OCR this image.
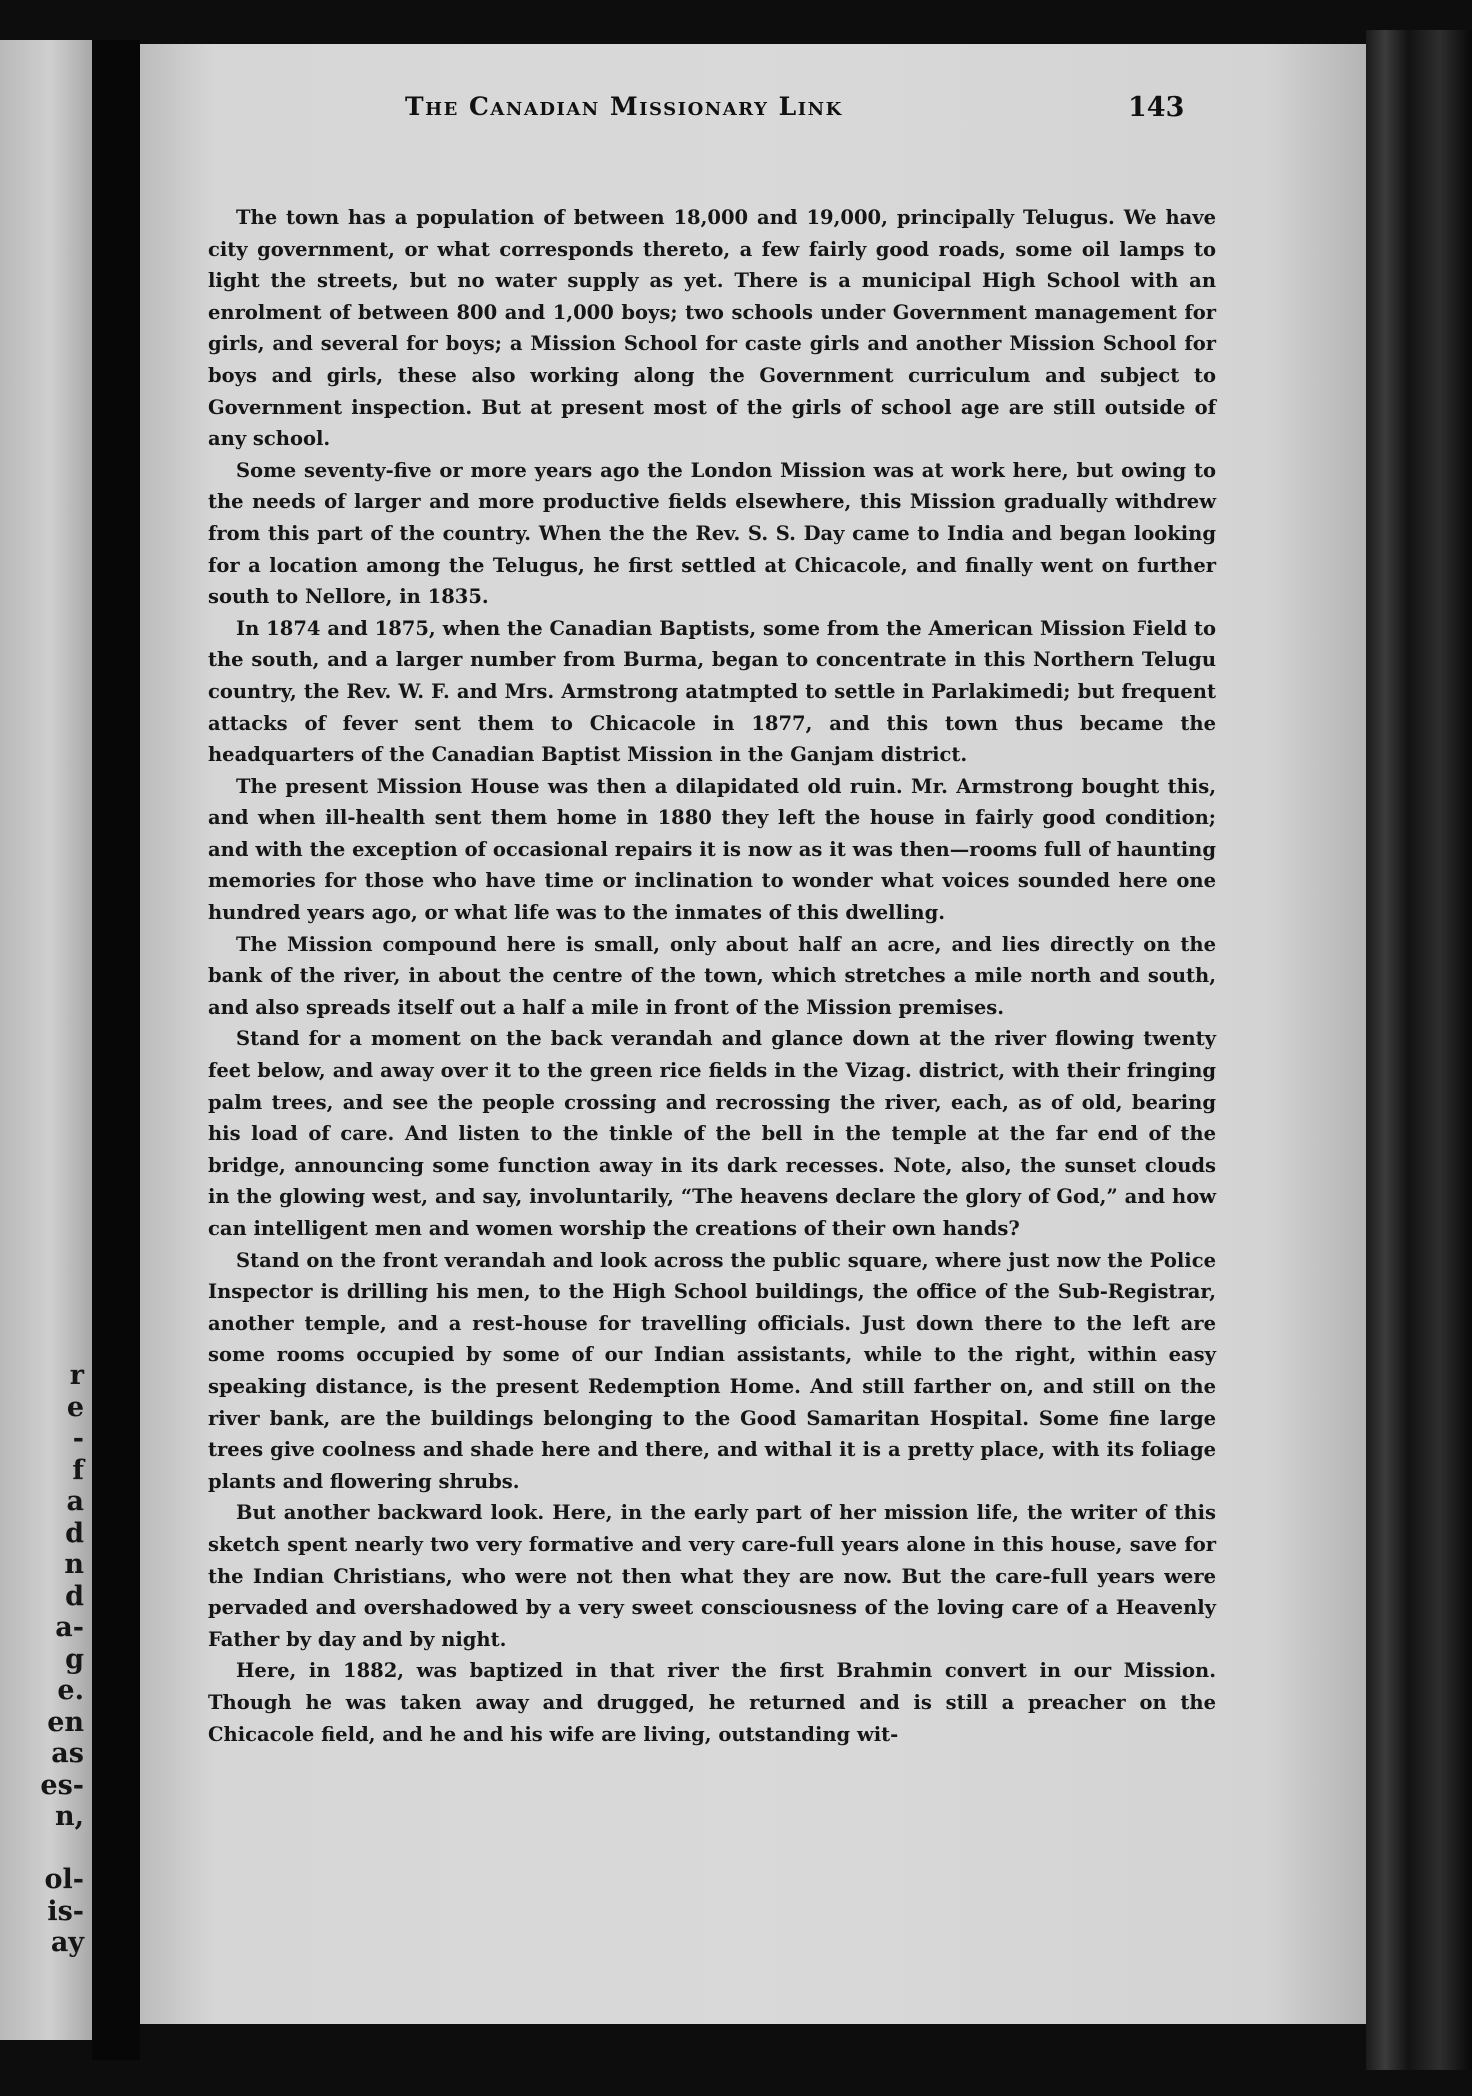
r
e
-
f
a
d
n
d
a-
g
e.
en
as
es-
n,

ol-
is-
ay
The Canadian Missionary Link	143

The town has a population of between 18,000 and 19,000, principally Telugus. We have city government, or what corresponds thereto, a few fairly good roads, some oil lamps to light the streets, but no water supply as yet. There is a municipal High School with an enrolment of between 800 and 1,000 boys; two schools under Government management for girls, and several for boys; a Mission School for caste girls and another Mission School for boys and girls, these also working along the Government curriculum and subject to Government inspection. But at present most of the girls of school age are still outside of any school.

Some seventy-five or more years ago the London Mission was at work here, but owing to the needs of larger and more productive fields elsewhere, this Mission gradually withdrew from this part of the country. When the the Rev. S. S. Day came to India and began looking for a location among the Telugus, he first settled at Chicacole, and finally went on further south to Nellore, in 1835.

In 1874 and 1875, when the Canadian Baptists, some from the American Mission Field to the south, and a larger number from Burma, began to concentrate in this Northern Telugu country, the Rev. W. F. and Mrs. Armstrong atatmpted to settle in Parlakimedi; but frequent attacks of fever sent them to Chicacole in 1877, and this town thus became the headquarters of the Canadian Baptist Mission in the Ganjam district.

The present Mission House was then a dilapidated old ruin. Mr. Armstrong bought this, and when ill-health sent them home in 1880 they left the house in fairly good condition; and with the exception of occasional repairs it is now as it was then—rooms full of haunting memories for those who have time or inclination to wonder what voices sounded here one hundred years ago, or what life was to the inmates of this dwelling.

The Mission compound here is small, only about half an acre, and lies directly on the bank of the river, in about the centre of the town, which stretches a mile north and south, and also spreads itself out a half a mile in front of the Mission premises.

Stand for a moment on the back verandah and glance down at the river flowing twenty feet below, and away over it to the green rice fields in the Vizag. district, with their fringing palm trees, and see the people crossing and recrossing the river, each, as of old, bearing his load of care. And listen to the tinkle of the bell in the temple at the far end of the bridge, announcing some function away in its dark recesses. Note, also, the sunset clouds in the glowing west, and say, involuntarily, “The heavens declare the glory of God,” and how can intelligent men and women worship the creations of their own hands?

Stand on the front verandah and look across the public square, where just now the Police Inspector is drilling his men, to the High School buildings, the office of the Sub-Registrar, another temple, and a rest-house for travelling officials. Just down there to the left are some rooms occupied by some of our Indian assistants, while to the right, within easy speaking distance, is the present Redemption Home. And still farther on, and still on the river bank, are the buildings belonging to the Good Samaritan Hospital. Some fine large trees give coolness and shade here and there, and withal it is a pretty place, with its foliage plants and flowering shrubs.

But another backward look. Here, in the early part of her mission life, the writer of this sketch spent nearly two very formative and very care-full years alone in this house, save for the Indian Christians, who were not then what they are now. But the care-full years were pervaded and overshadowed by a very sweet consciousness of the loving care of a Heavenly Father by day and by night.

Here, in 1882, was baptized in that river the first Brahmin convert in our Mission. Though he was taken away and drugged, he returned and is still a preacher on the Chicacole field, and he and his wife are living, outstanding wit-
